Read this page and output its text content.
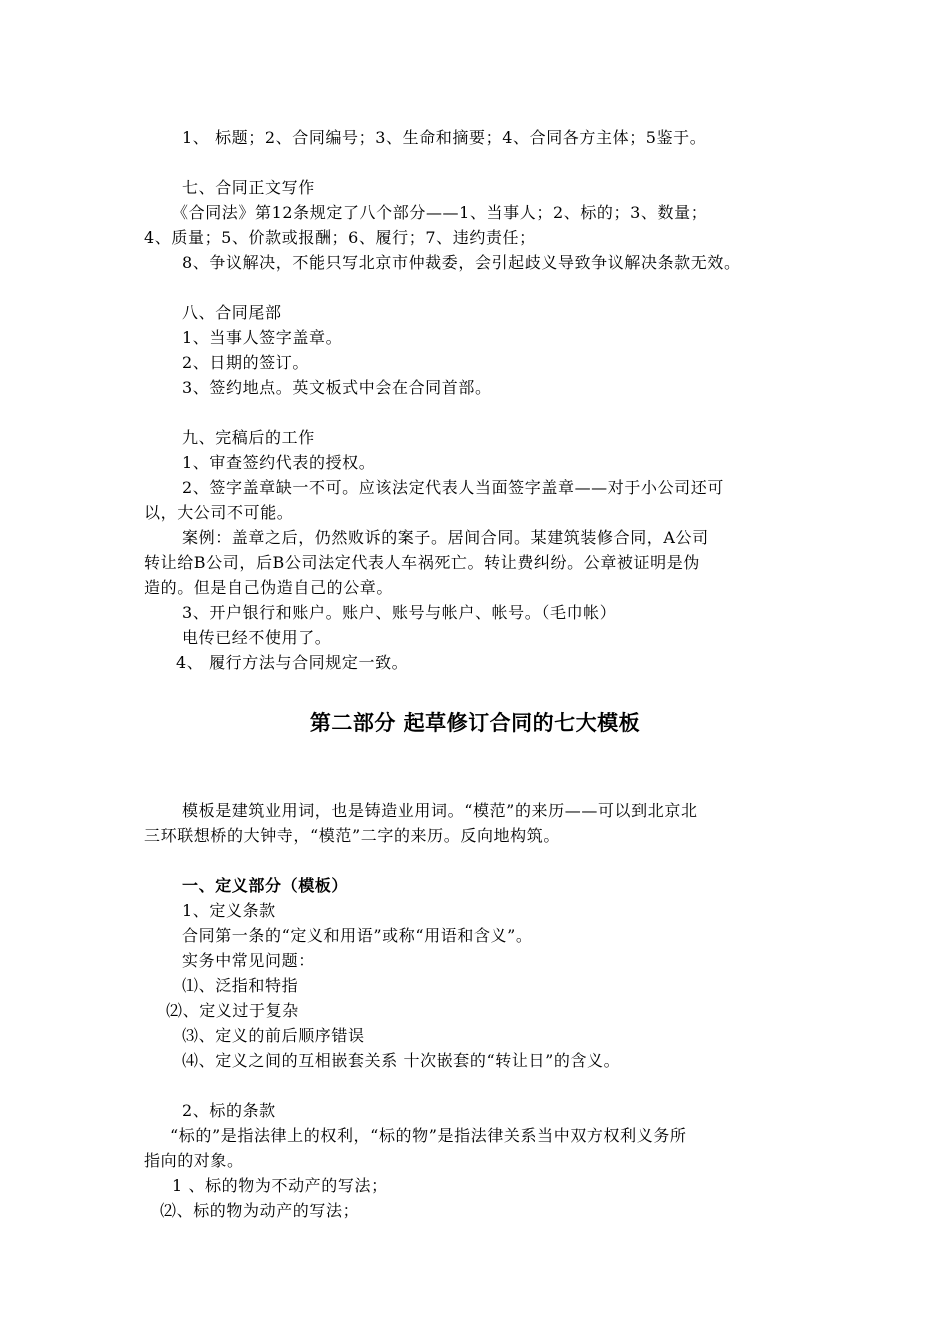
1、 标题；2、合同编号；3、生命和摘要；4、合同各方主体；5鉴于。
七、合同正文写作
《合同法》第12条规定了八个部分——1、当事人；2、标的；3、数量；
4、质量；5、价款或报酬；6、履行；7、违约责任；
8、争议解决，不能只写北京市仲裁委，会引起歧义导致争议解决条款无效。
八、合同尾部
1、当事人签字盖章。
2、日期的签订。
3、签约地点。英文板式中会在合同首部。
九、完稿后的工作
1、审查签约代表的授权。
2、签字盖章缺一不可。应该法定代表人当面签字盖章——对于小公司还可
以，大公司不可能。
案例：盖章之后，仍然败诉的案子。居间合同。某建筑装修合同，A公司
转让给B公司，后B公司法定代表人车祸死亡。转让费纠纷。公章被证明是伪
造的。但是自己伪造自己的公章。
3、开户银行和账户。账户、账号与帐户、帐号。（毛巾帐）
电传已经不使用了。
4、 履行方法与合同规定一致。
第二部分 起草修订合同的七大模板
模板是建筑业用词，也是铸造业用词。“模范”的来历——可以到北京北
三环联想桥的大钟寺，“模范”二字的来历。反向地构筑。
一、定义部分（模板）
1、定义条款
合同第一条的“定义和用语”或称“用语和含义”。
实务中常见问题：
⑴、泛指和特指
⑵、定义过于复杂
⑶、定义的前后顺序错误
⑷、定义之间的互相嵌套关系 十次嵌套的“转让日”的含义。
2、标的条款
“标的”是指法律上的权利，“标的物”是指法律关系当中双方权利义务所
指向的对象。
1 、标的物为不动产的写法；
⑵、标的物为动产的写法；
